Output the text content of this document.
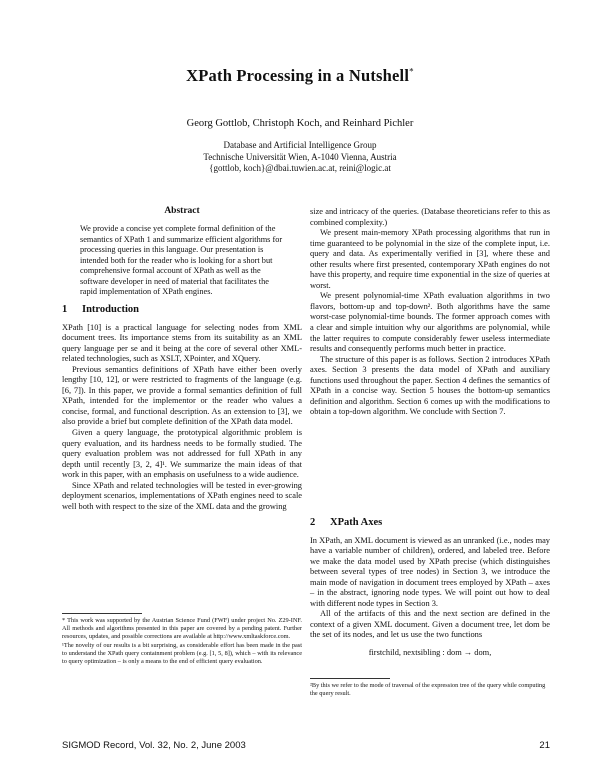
XPath Processing in a Nutshell*
Georg Gottlob, Christoph Koch, and Reinhard Pichler
Database and Artificial Intelligence Group
Technische Universität Wien, A-1040 Vienna, Austria
{gottlob, koch}@dbai.tuwien.ac.at, reini@logic.at
Abstract
We provide a concise yet complete formal definition of the semantics of XPath 1 and summarize efficient algorithms for processing queries in this language. Our presentation is intended both for the reader who is looking for a short but comprehensive formal account of XPath as well as the software developer in need of material that facilitates the rapid implementation of XPath engines.
1 Introduction

XPath [10] is a practical language for selecting nodes from XML document trees. Its importance stems from its suitability as an XML query language per se and it being at the core of several other XML-related technologies, such as XSLT, XPointer, and XQuery.

Previous semantics definitions of XPath have either been overly lengthy [10, 12], or were restricted to fragments of the language (e.g. [6, 7]). In this paper, we provide a formal semantics definition of full XPath, intended for the implementor or the reader who values a concise, formal, and functional description. As an extension to [3], we also provide a brief but complete definition of the XPath data model.

Given a query language, the prototypical algorithmic problem is query evaluation, and its hardness needs to be formally studied. The query evaluation problem was not addressed for full XPath in any depth until recently [3, 2, 4]¹. We summarize the main ideas of that work in this paper, with an emphasis on usefulness to a wide audience.

Since XPath and related technologies will be tested in ever-growing deployment scenarios, implementations of XPath engines need to scale well both with respect to the size of the XML data and the growing

* This work was supported by the Austrian Science Fund (FWF) under project No. Z29-INF. All methods and algorithms presented in this paper are covered by a pending patent. Further resources, updates, and possible corrections are available at http://www.xmltaskforce.com.

¹The novelty of our results is a bit surprising, as considerable effort has been made in the past to understand the XPath query containment problem (e.g. [1, 5, 8]), which – with its relevance to query optimization – is only a means to the end of efficient query evaluation.

size and intricacy of the queries. (Database theoreticians refer to this as combined complexity.)

We present main-memory XPath processing algorithms that run in time guaranteed to be polynomial in the size of the complete input, i.e. query and data. As experimentally verified in [3], where these and other results where first presented, contemporary XPath engines do not have this property, and require time exponential in the size of queries at worst.

We present polynomial-time XPath evaluation algorithms in two flavors, bottom-up and top-down². Both algorithms have the same worst-case polynomial-time bounds. The former approach comes with a clear and simple intuition why our algorithms are polynomial, while the latter requires to compute considerably fewer useless intermediate results and consequently performs much better in practice.

The structure of this paper is as follows. Section 2 introduces XPath axes. Section 3 presents the data model of XPath and auxiliary functions used throughout the paper. Section 4 defines the semantics of XPath in a concise way. Section 5 houses the bottom-up semantics definition and algorithm. Section 6 comes up with the modifications to obtain a top-down algorithm. We conclude with Section 7.

2 XPath Axes

In XPath, an XML document is viewed as an unranked (i.e., nodes may have a variable number of children), ordered, and labeled tree. Before we make the data model used by XPath precise (which distinguishes between several types of tree nodes) in Section 3, we introduce the main mode of navigation in document trees employed by XPath – axes – in the abstract, ignoring node types. We will point out how to deal with different node types in Section 3.

All of the artifacts of this and the next section are defined in the context of a given XML document. Given a document tree, let dom be the set of its nodes, and let us use the two functions

firstchild, nextsibling : dom → dom,

²By this we refer to the mode of traversal of the expression tree of the query while computing the query result.
SIGMOD Record, Vol. 32, No. 2, June 2003	21
